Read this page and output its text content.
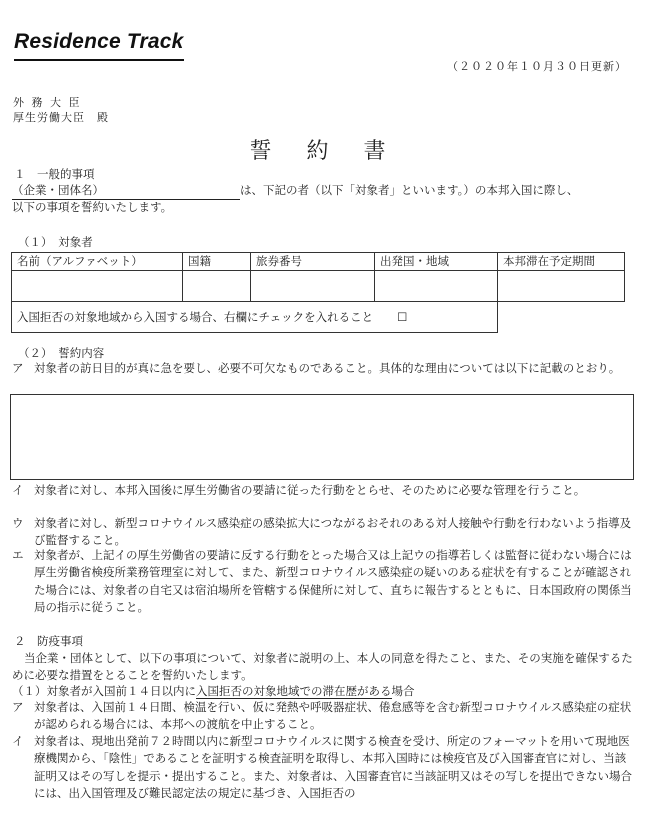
Residence Track
（２０２０年１０月３０日更新）
外 務 大 臣
厚生労働大臣　殿
誓 約 書
１　一般的事項
（企業・団体名）	は、下記の者（以下「対象者」といいます。）の本邦入国に際し、
以下の事項を誓約いたします。
（１）　対象者
名前（アルファベット）	国籍	旅券番号	出発国・地域	本邦滞在予定期間

入国拒否の対象地域から入国する場合、右欄にチェックを入れること ☐				
（２）　誓約内容
ア 対象者の訪日目的が真に急を要し、必要不可欠なものであること。具体的な理由については以下に記載のとおり。
イ 対象者に対し、本邦入国後に厚生労働省の要請に従った行動をとらせ、そのために必要な管理を行うこと。
ウ 対象者に対し、新型コロナウイルス感染症の感染拡大につながるおそれのある対人接触や行動を行わないよう指導及び監督すること。
エ 対象者が、上記イの厚生労働省の要請に反する行動をとった場合又は上記ウの指導若しくは監督に従わない場合には厚生労働省検疫所業務管理室に対して、また、新型コロナウイルス感染症の疑いのある症状を有することが確認された場合には、対象者の自宅又は宿泊場所を管轄する保健所に対して、直ちに報告するとともに、日本国政府の関係当局の指示に従うこと。
２　防疫事項
当企業・団体として、以下の事項について、対象者に説明の上、本人の同意を得たこと、また、その実施を確保するために必要な措置をとることを誓約いたします。
（１）対象者が入国前１４日以内に入国拒否の対象地域での滞在歴がある場合
ア 対象者は、入国前１４日間、検温を行い、仮に発熱や呼吸器症状、倦怠感等を含む新型コロナウイルス感染症の症状が認められる場合には、本邦への渡航を中止すること。
イ 対象者は、現地出発前７２時間以内に新型コロナウイルスに関する検査を受け、所定のフォーマットを用いて現地医療機関から、「陰性」であることを証明する検査証明を取得し、本邦入国時には検疫官及び入国審査官に対し、当該証明又はその写しを提示・提出すること。また、対象者は、入国審査官に当該証明又はその写しを提出できない場合には、出入国管理及び難民認定法の規定に基づき、入国拒否の
